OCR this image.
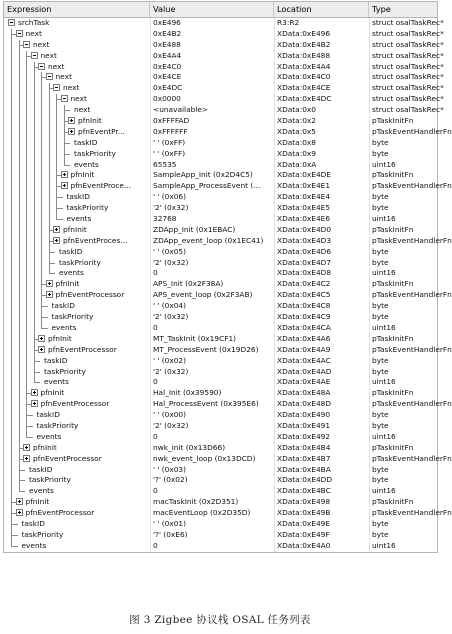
Expression	Value	Location	Type
srchTask	0xE496	R3:R2	struct osalTaskRec*
next	0xE4B2	XData:0xE496	struct osalTaskRec*
next	0xE488	XData:0xE4B2	struct osalTaskRec*
next	0xE4A4	XData:0xE488	struct osalTaskRec*
next	0xE4C0	XData:0xE4A4	struct osalTaskRec*
next	0xE4CE	XData:0xE4C0	struct osalTaskRec*
next	0xE4DC	XData:0xE4CE	struct osalTaskRec*
next	0x0000	XData:0xE4DC	struct osalTaskRec*
next	<unavailable>	XData:0x0	struct osalTaskRec*
pfnInit	0xFFFFAD	XData:0x2	pTaskInitFn
pfnEventPr...	0xFFFFFF	XData:0x5	pTaskEventHandlerFn
taskID	' ' (0xFF)	XData:0x8	byte
taskPriority	' ' (0xFF)	XData:0x9	byte
events	65535	XData:0xA	uint16
pfnInit	SampleApp_Init (0x2D4C5)	XData:0xE4DE	pTaskInitFn
pfnEventProce...	SampleApp_ProcessEvent (...	XData:0xE4E1	pTaskEventHandlerFn
taskID	' ' (0x06)	XData:0xE4E4	byte
taskPriority	'2' (0x32)	XData:0xE4E5	byte
events	32768	XData:0xE4E6	uint16
pfnInit	ZDApp_Init (0x1EBAC)	XData:0xE4D0	pTaskInitFn
pfnEventProces...	ZDApp_event_loop (0x1EC41)	XData:0xE4D3	pTaskEventHandlerFn
taskID	' ' (0x05)	XData:0xE4D6	byte
taskPriority	'2' (0x32)	XData:0xE4D7	byte
events	0	XData:0xE4D8	uint16
pfnInit	APS_Init (0x2F38A)	XData:0xE4C2	pTaskInitFn
pfnEventProcessor	APS_event_loop (0x2F3AB)	XData:0xE4C5	pTaskEventHandlerFn
taskID	' ' (0x04)	XData:0xE4C8	byte
taskPriority	'2' (0x32)	XData:0xE4C9	byte
events	0	XData:0xE4CA	uint16
pfnInit	MT_TaskInit (0x19CF1)	XData:0xE4A6	pTaskInitFn
pfnEventProcessor	MT_ProcessEvent (0x19D26)	XData:0xE4A9	pTaskEventHandlerFn
taskID	' ' (0x02)	XData:0xE4AC	byte
taskPriority	'2' (0x32)	XData:0xE4AD	byte
events	0	XData:0xE4AE	uint16
pfnInit	Hal_Init (0x39590)	XData:0xE48A	pTaskInitFn
pfnEventProcessor	Hal_ProcessEvent (0x395E6)	XData:0xE48D	pTaskEventHandlerFn
taskID	' ' (0x00)	XData:0xE490	byte
taskPriority	'2' (0x32)	XData:0xE491	byte
events	0	XData:0xE492	uint16
pfnInit	nwk_init (0x13D66)	XData:0xE4B4	pTaskInitFn
pfnEventProcessor	nwk_event_loop (0x13DCD)	XData:0xE4B7	pTaskEventHandlerFn
taskID	' ' (0x03)	XData:0xE4BA	byte
taskPriority	'?' (0x02)	XData:0xE4DD	byte
events	0	XData:0xE4BC	uint16
pfnInit	macTaskInit (0x2D351)	XData:0xE498	pTaskInitFn
pfnEventProcessor	macEventLoop (0x2D35D)	XData:0xE49B	pTaskEventHandlerFn
taskID	' ' (0x01)	XData:0xE49E	byte
taskPriority	'?' (0xE6)	XData:0xE49F	byte
events	0	XData:0xE4A0	uint16
图 3 Zigbee 协议栈 OSAL 任务列表
